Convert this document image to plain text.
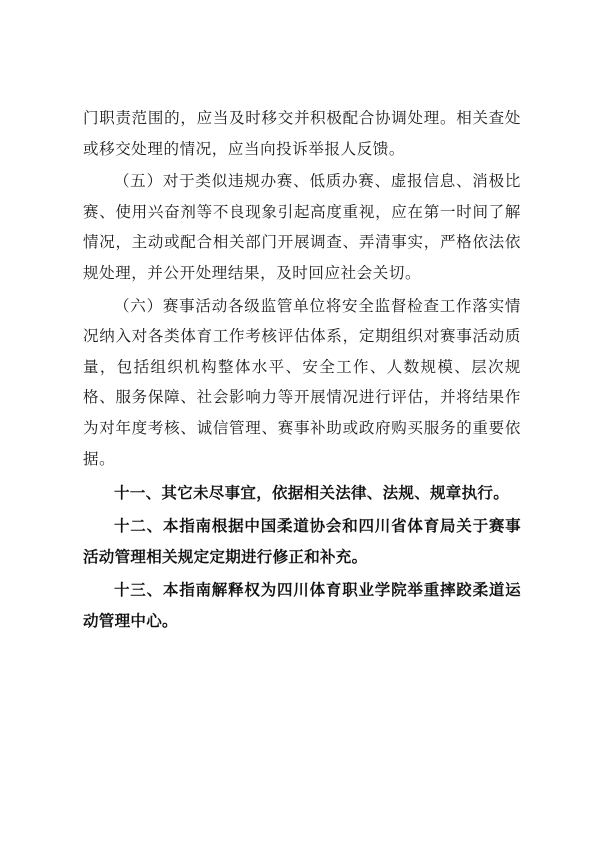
门职责范围的，应当及时移交并积极配合协调处理。相关查处或移交处理的情况，应当向投诉举报人反馈。

（五）对于类似违规办赛、低质办赛、虚报信息、消极比赛、使用兴奋剂等不良现象引起高度重视，应在第一时间了解情况，主动或配合相关部门开展调查、弄清事实，严格依法依规处理，并公开处理结果，及时回应社会关切。

（六）赛事活动各级监管单位将安全监督检查工作落实情况纳入对各类体育工作考核评估体系，定期组织对赛事活动质量，包括组织机构整体水平、安全工作、人数规模、层次规格、服务保障、社会影响力等开展情况进行评估，并将结果作为对年度考核、诚信管理、赛事补助或政府购买服务的重要依据。

十一、其它未尽事宜，依据相关法律、法规、规章执行。

十二、本指南根据中国柔道协会和四川省体育局关于赛事活动管理相关规定定期进行修正和补充。

十三、本指南解释权为四川体育职业学院举重摔跤柔道运动管理中心。
